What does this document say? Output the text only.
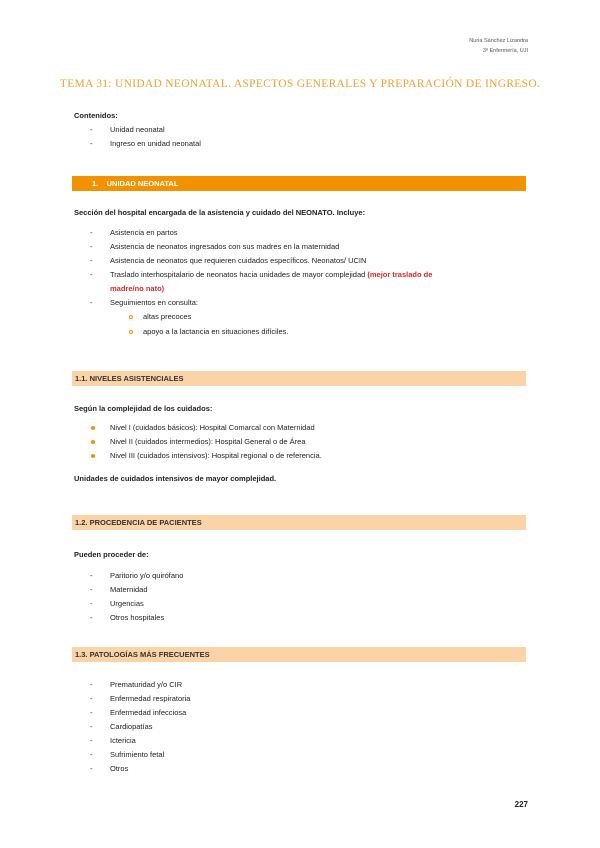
Nuria Sánchez Lizandra
3º Enfermería, UJI
TEMA 31: UNIDAD NEONATAL. ASPECTOS GENERALES Y PREPARACIÓN DE INGRESO.
Contenidos:
- Unidad neonatal
- Ingreso en unidad neonatal
1. UNIDAD NEONATAL
Sección del hospital encargada de la asistencia y cuidado del NEONATO. Incluye:
- Asistencia en partos
- Asistencia de neonatos ingresados con sus madres en la maternidad
- Asistencia de neonatos que requieren cuidados específicos. Neonatos/ UCIN
- Traslado interhospitalario de neonatos hacia unidades de mayor complejidad (mejor traslado de
madre/no nato)
- Seguimientos en consulta:
altas precoces
apoyo a la lactancia en situaciones difíciles.
1.1. NIVELES ASISTENCIALES
Según la complejidad de los cuidados:
Nivel I (cuidados básicos): Hospital Comarcal con Maternidad
Nivel II (cuidados intermedios): Hospital General o de Área
Nivel III (cuidados intensivos): Hospital regional o de referencia.
Unidades de cuidados intensivos de mayor complejidad.
1.2. PROCEDENCIA DE PACIENTES
Pueden proceder de:
- Paritorio y/o quirófano
- Maternidad
- Urgencias
- Otros hospitales
1.3. PATOLOGÍAS MÁS FRECUENTES
- Prematuridad y/o CIR
- Enfermedad respiratoria
- Enfermedad infecciosa
- Cardiopatías
- Ictericia
- Sufrimiento fetal
- Otros
227
